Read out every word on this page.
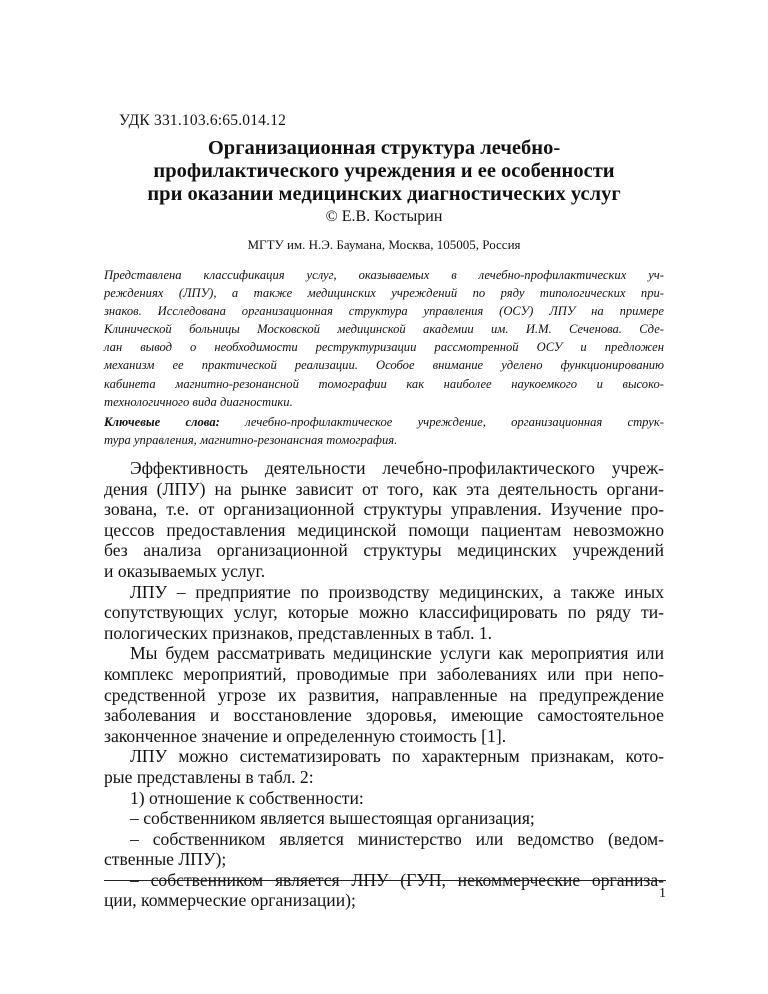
УДК 331.103.6:65.014.12
Организационная структура лечебно-
профилактического учреждения и ее особенности
при оказании медицинских диагностических услуг
© Е.В. Костырин
МГТУ им. Н.Э. Баумана, Москва, 105005, Россия
Представлена классификация услуг, оказываемых в лечебно-профилактических уч-
реждениях (ЛПУ), а также медицинских учреждений по ряду типологических при-
знаков. Исследована организационная структура управления (ОСУ) ЛПУ на примере
Клинической больницы Московской медицинской академии им. И.М. Сеченова. Сде-
лан вывод о необходимости реструктуризации рассмотренной ОСУ и предложен
механизм ее практической реализации. Особое внимание уделено функционированию
кабинета магнитно-резонансной томографии как наиболее наукоемкого и высоко-
технологичного вида диагностики.
Ключевые слова: лечебно-профилактическое учреждение, организационная струк-
тура управления, магнитно-резонансная томография.
Эффективность деятельности лечебно-профилактического учреж-
дения (ЛПУ) на рынке зависит от того, как эта деятельность органи-
зована, т.е. от организационной структуры управления. Изучение про-
цессов предоставления медицинской помощи пациентам невозможно
без анализа организационной структуры медицинских учреждений
и оказываемых услуг.
ЛПУ – предприятие по производству медицинских, а также иных
сопутствующих услуг, которые можно классифицировать по ряду ти-
пологических признаков, представленных в табл. 1.
Мы будем рассматривать медицинские услуги как мероприятия или
комплекс мероприятий, проводимые при заболеваниях или при непо-
средственной угрозе их развития, направленные на предупреждение
заболевания и восстановление здоровья, имеющие самостоятельное
законченное значение и определенную стоимость [1].
ЛПУ можно систематизировать по характерным признакам, кото-
рые представлены в табл. 2:
1) отношение к собственности:
– собственником является вышестоящая организация;
– собственником является министерство или ведомство (ведом-
ственные ЛПУ);
– собственником является ЛПУ (ГУП, некоммерческие организа-
ции, коммерческие организации);	1
